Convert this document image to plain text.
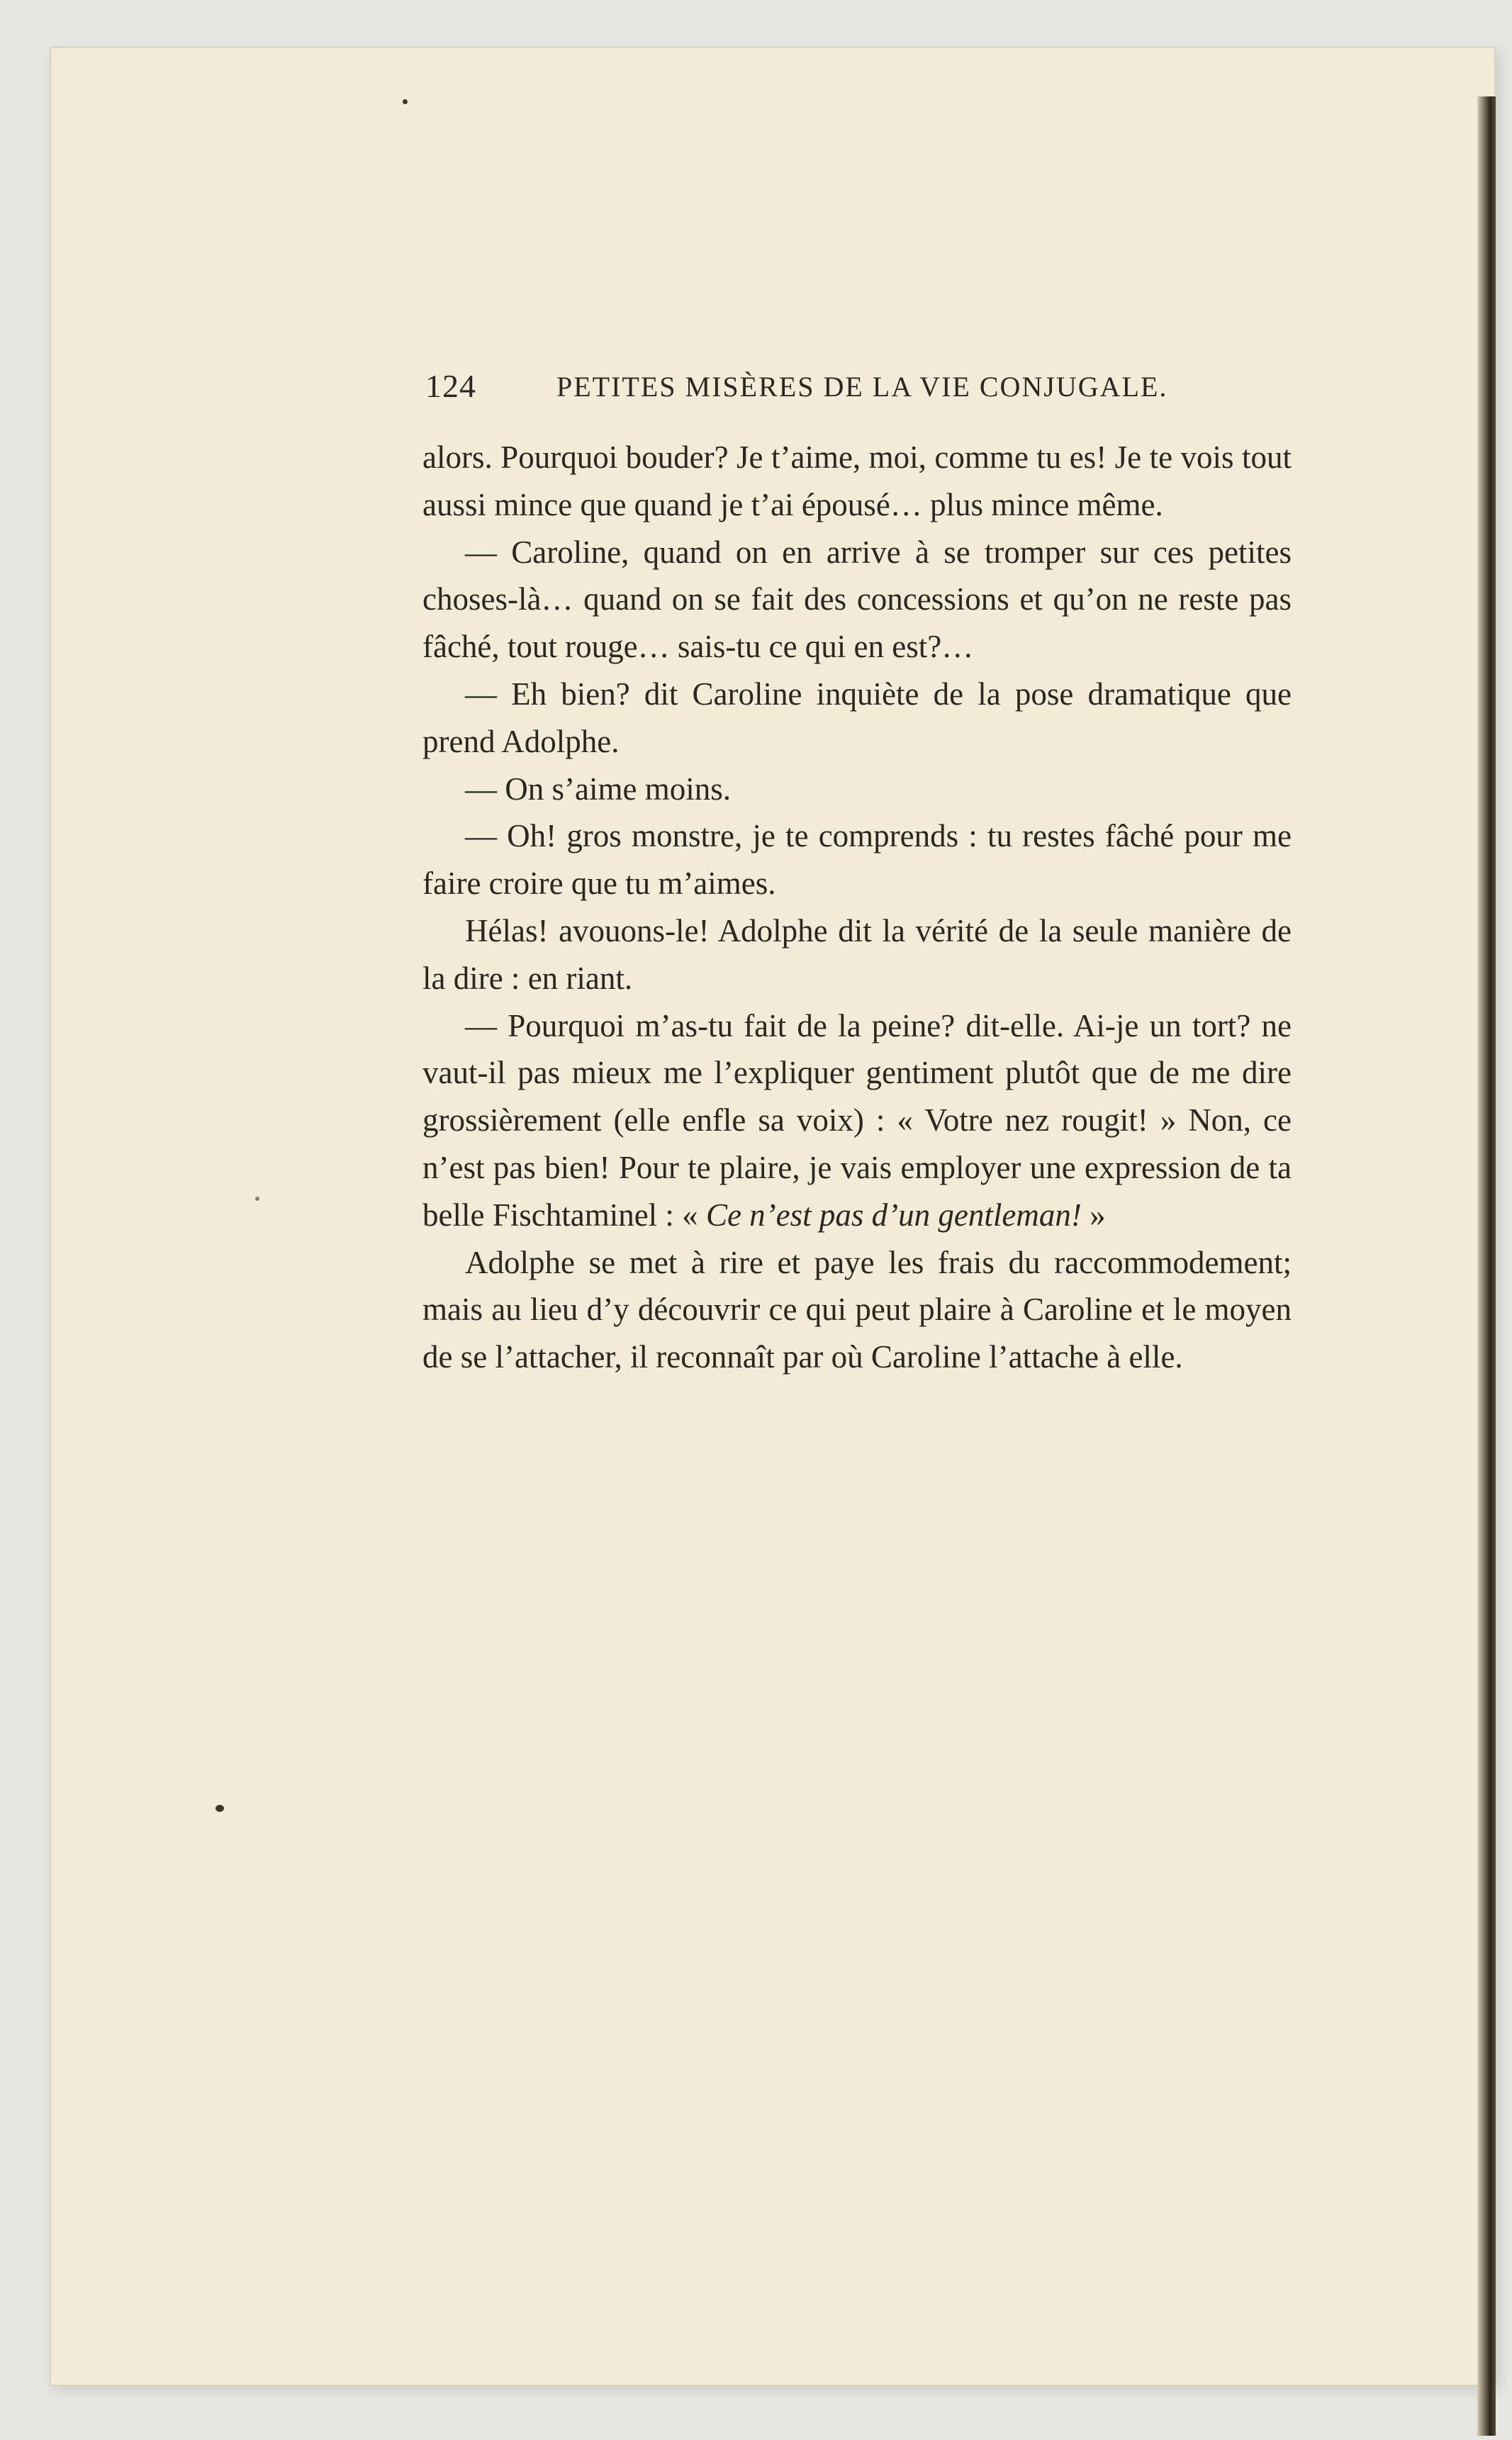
124	PETITES MISÈRES DE LA VIE CONJUGALE.

alors. Pourquoi bouder? Je t’aime, moi, comme tu es! Je te vois tout aussi mince que quand je t’ai épousé… plus mince même.

— Caroline, quand on en arrive à se tromper sur ces petites choses-là… quand on se fait des concessions et qu’on ne reste pas fâché, tout rouge… sais-tu ce qui en est?…

— Eh bien? dit Caroline inquiète de la pose dramatique que prend Adolphe.

— On s’aime moins.

— Oh! gros monstre, je te comprends : tu restes fâché pour me faire croire que tu m’aimes.

Hélas! avouons-le! Adolphe dit la vérité de la seule manière de la dire : en riant.

— Pourquoi m’as-tu fait de la peine? dit-elle. Ai-je un tort? ne vaut-il pas mieux me l’expliquer gentiment plutôt que de me dire grossièrement (elle enfle sa voix) : « Votre nez rougit! » Non, ce n’est pas bien! Pour te plaire, je vais employer une expression de ta belle Fischtaminel : « Ce n’est pas d’un gentleman! »

Adolphe se met à rire et paye les frais du raccommodement; mais au lieu d’y découvrir ce qui peut plaire à Caroline et le moyen de se l’attacher, il reconnaît par où Caroline l’attache à elle.
